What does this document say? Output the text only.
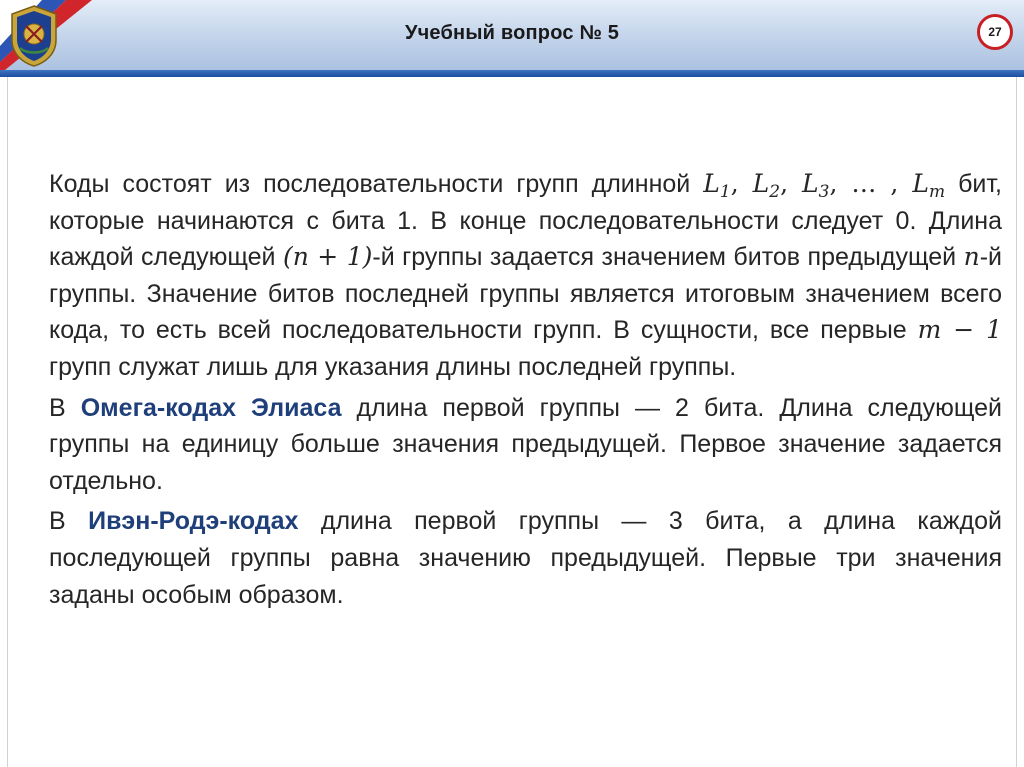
Учебный вопрос № 5	27

Коды состоят из последовательности групп длинной $L_1$, $L_2$, $L_3$, … , $L_m$ бит, которые начинаются с бита 1. В конце последовательности следует 0. Длина каждой следующей (n + 1)-й группы задается значением битов предыдущей n-й группы. Значение битов последней группы является итоговым значением всего кода, то есть всей последовательности групп. В сущности, все первые m − 1 групп служат лишь для указания длины последней группы.

В Омега-кодах Элиаса длина первой группы — 2 бита. Длина следующей группы на единицу больше значения предыдущей. Первое значение задается отдельно.

В Ивэн-Родэ-кодах длина первой группы — 3 бита, а длина каждой последующей группы равна значению предыдущей. Первые три значения заданы особым образом.
